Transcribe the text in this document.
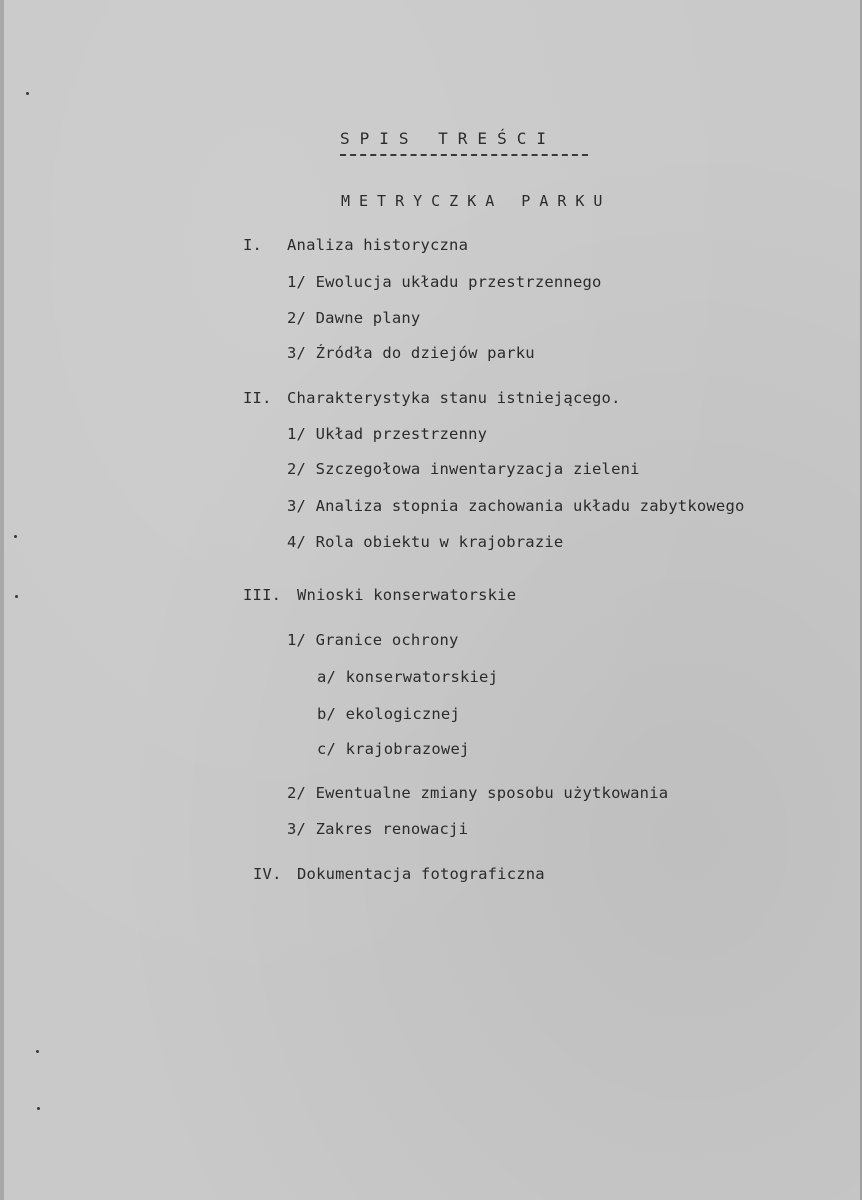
SPIS TREŚCI
METRYCZKA PARKU
I. Analiza historyczna
1/ Ewolucja układu przestrzennego
2/ Dawne plany
3/ Źródła do dziejów parku
II. Charakterystyka stanu istniejącego.
1/ Układ przestrzenny
2/ Szczegołowa inwentaryzacja zieleni
3/ Analiza stopnia zachowania układu zabytkowego
4/ Rola obiektu w krajobrazie
III. Wnioski konserwatorskie
1/ Granice ochrony
a/ konserwatorskiej
b/ ekologicznej
c/ krajobrazowej
2/ Ewentualne zmiany sposobu użytkowania
3/ Zakres renowacji
IV. Dokumentacja fotograficzna
